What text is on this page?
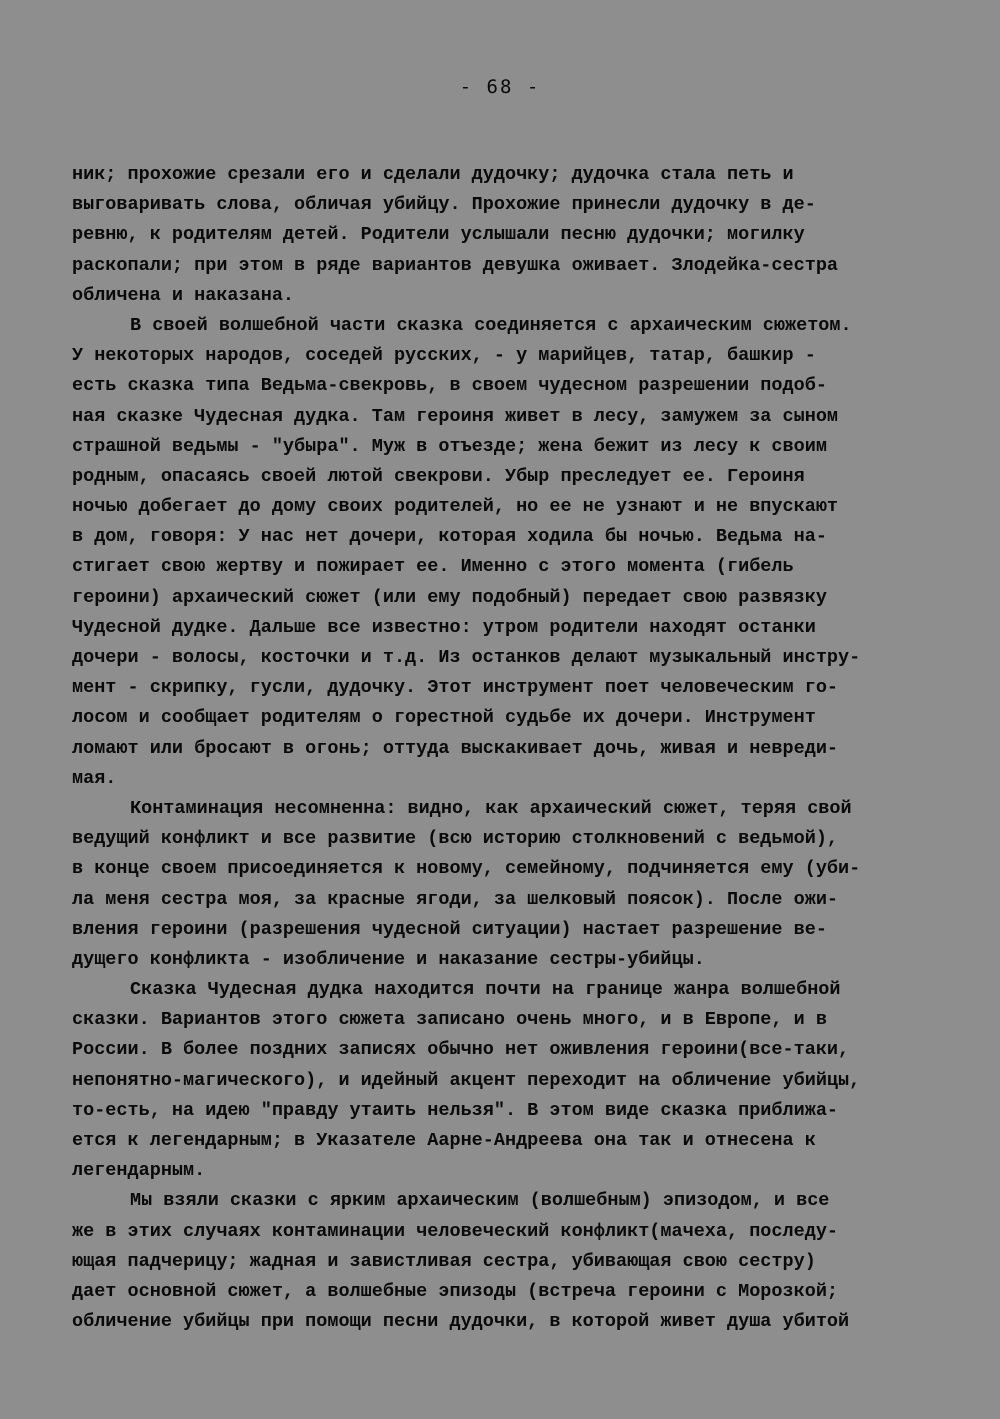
- 68 -
ник; прохожие срезали его и сделали дудочку; дудочка стала петь и
выговаривать слова, обличая убийцу. Прохожие принесли дудочку в де-
ревню, к родителям детей. Родители услышали песню дудочки; могилку
раскопали; при этом в ряде вариантов девушка оживает. Злодейка-сестра
обличена и наказана.
В своей волшебной части сказка соединяется с архаическим сюжетом.
У некоторых народов, соседей русских, - у марийцев, татар, башкир -
есть сказка типа Ведьма-свекровь, в своем чудесном разрешении подоб-
ная сказке Чудесная дудка. Там героиня живет в лесу, замужем за сыном
страшной ведьмы - "убыра". Муж в отъезде; жена бежит из лесу к своим
родным, опасаясь своей лютой свекрови. Убыр преследует ее. Героиня
ночью добегает до дому своих родителей, но ее не узнают и не впускают
в дом, говоря: У нас нет дочери, которая ходила бы ночью. Ведьма на-
стигает свою жертву и пожирает ее. Именно с этого момента (гибель
героини) архаический сюжет (или ему подобный) передает свою развязку
Чудесной дудке. Дальше все известно: утром родители находят останки
дочери - волосы, косточки и т.д. Из останков делают музыкальный инстру-
мент - скрипку, гусли, дудочку. Этот инструмент поет человеческим го-
лосом и сообщает родителям о горестной судьбе их дочери. Инструмент
ломают или бросают в огонь; оттуда выскакивает дочь, живая и невреди-
мая.
Контаминация несомненна: видно, как архаический сюжет, теряя свой
ведущий конфликт и все развитие (всю историю столкновений с ведьмой),
в конце своем присоединяется к новому, семейному, подчиняется ему (уби-
ла меня сестра моя, за красные ягоди, за шелковый поясок). После ожи-
вления героини (разрешения чудесной ситуации) настает разрешение ве-
дущего конфликта - изобличение и наказание сестры-убийцы.
Сказка Чудесная дудка находится почти на границе жанра волшебной
сказки. Вариантов этого сюжета записано очень много, и в Европе, и в
России. В более поздних записях обычно нет оживления героини(все-таки,
непонятно-магического), и идейный акцент переходит на обличение убийцы,
то-есть, на идею "правду утаить нельзя". В этом виде сказка приближа-
ется к легендарным; в Указателе Аарне-Андреева она так и отнесена к
легендарным.
Мы взяли сказки с ярким архаическим (волшебным) эпизодом, и все
же в этих случаях контаминации человеческий конфликт(мачеха, последу-
ющая падчерицу; жадная и завистливая сестра, убивающая свою сестру)
дает основной сюжет, а волшебные эпизоды (встреча героини с Морозкой;
обличение убийцы при помощи песни дудочки, в которой живет душа убитой
